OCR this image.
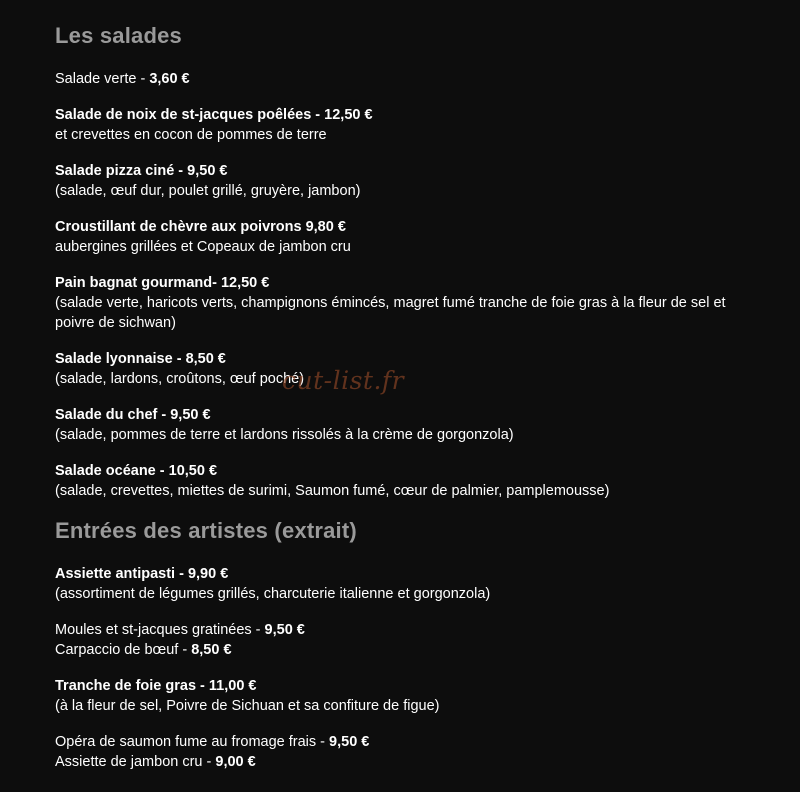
Les salades
Salade verte - 3,60 €
Salade de noix de st-jacques poêlées - 12,50 €
et crevettes en cocon de pommes de terre
Salade pizza ciné - 9,50 €
(salade, œuf dur, poulet grillé, gruyère, jambon)
Croustillant de chèvre aux poivrons 9,80 €
aubergines grillées et Copeaux de jambon cru
Pain bagnat gourmand- 12,50 €
(salade verte, haricots verts, champignons émincés, magret fumé tranche de foie gras à la fleur de sel et poivre de sichwan)
Salade lyonnaise - 8,50 €
(salade, lardons, croûtons, œuf poché)
Salade du chef - 9,50 €
(salade, pommes de terre et lardons rissolés à la crème de gorgonzola)
Salade océane - 10,50 €
(salade, crevettes, miettes de surimi, Saumon fumé, cœur de palmier, pamplemousse)
Entrées des artistes (extrait)
Assiette antipasti - 9,90 €
(assortiment de légumes grillés, charcuterie italienne et gorgonzola)
Moules et st-jacques gratinées - 9,50 €
Carpaccio de bœuf - 8,50 €
Tranche de foie gras - 11,00 €
(à la fleur de sel, Poivre de Sichuan et sa confiture de figue)
Opéra de saumon fume au fromage frais - 9,50 €
Assiette de jambon cru - 9,00 €
cut-list.fr
